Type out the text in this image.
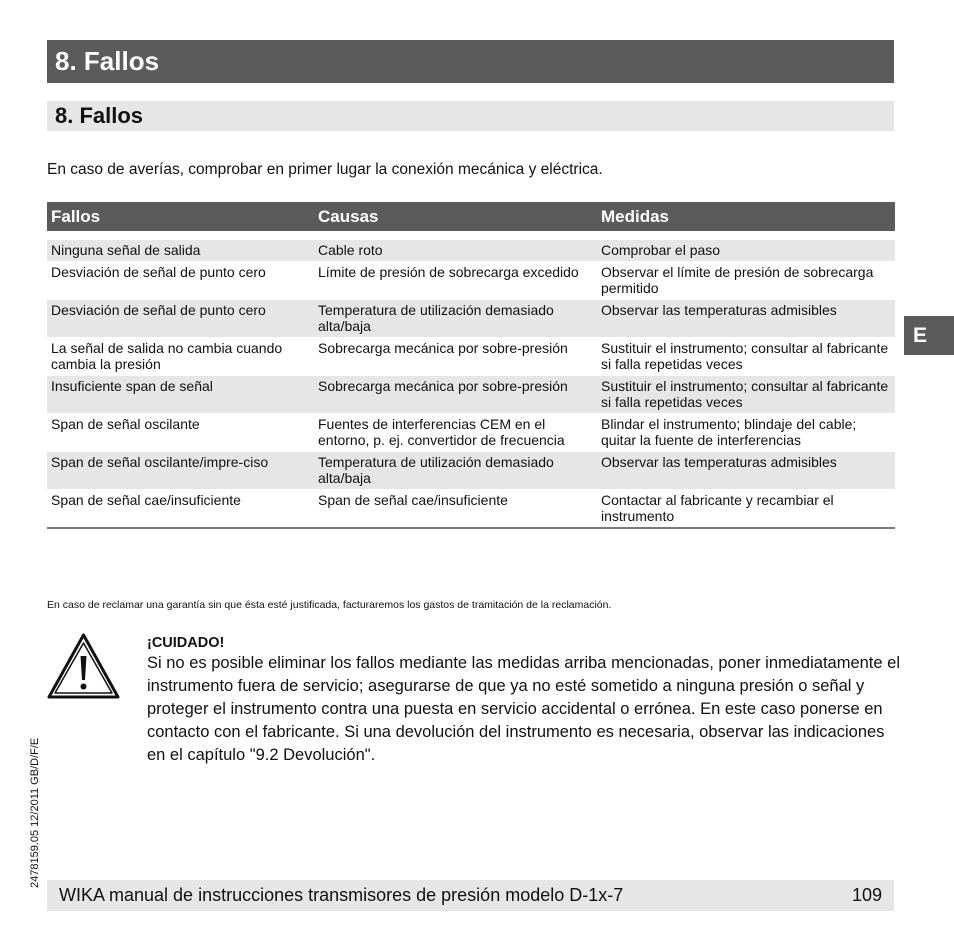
8. Fallos
8. Fallos
En caso de averías, comprobar en primer lugar la conexión mecánica y eléctrica.
Fallos	Causas	Medidas

Ninguna señal de salida	Cable roto	Comprobar el paso
Desviación de señal de punto cero	Límite de presión de sobrecarga excedido	Observar el límite de presión de sobrecarga permitido
Desviación de señal de punto cero	Temperatura de utilización demasiado alta/baja	Observar las temperaturas admisibles
La señal de salida no cambia cuando cambia la presión	Sobrecarga mecánica por sobre-presión	Sustituir el instrumento; consultar al fabricante si falla repetidas veces
Insuficiente span de señal	Sobrecarga mecánica por sobre-presión	Sustituir el instrumento; consultar al fabricante si falla repetidas veces
Span de señal oscilante	Fuentes de interferencias CEM en el entorno, p. ej. convertidor de frecuencia	Blindar el instrumento; blindaje del cable; quitar la fuente de interferencias
Span de señal oscilante/impre-ciso	Temperatura de utilización demasiado alta/baja	Observar las temperaturas admisibles
Span de señal cae/insuficiente	Span de señal cae/insuficiente	Contactar al fabricante y recambiar el instrumento
En caso de reclamar una garantía sin que ésta esté justificada, facturaremos los gastos de tramitación de la reclamación.
¡CUIDADO!
Si no es posible eliminar los fallos mediante las medidas arriba mencionadas, poner inmediatamente el instrumento fuera de servicio; asegurarse de que ya no esté sometido a ninguna presión o señal y proteger el instrumento contra una puesta en servicio accidental o errónea. En este caso ponerse en contacto con el fabricante. Si una devolución del instrumento es necesaria, observar las indicaciones en el capítulo "9.2 Devolución".
E
2478159.05 12/2011 GB/D/F/E
WIKA manual de instrucciones transmisores de presión modelo D-1x-7	109
